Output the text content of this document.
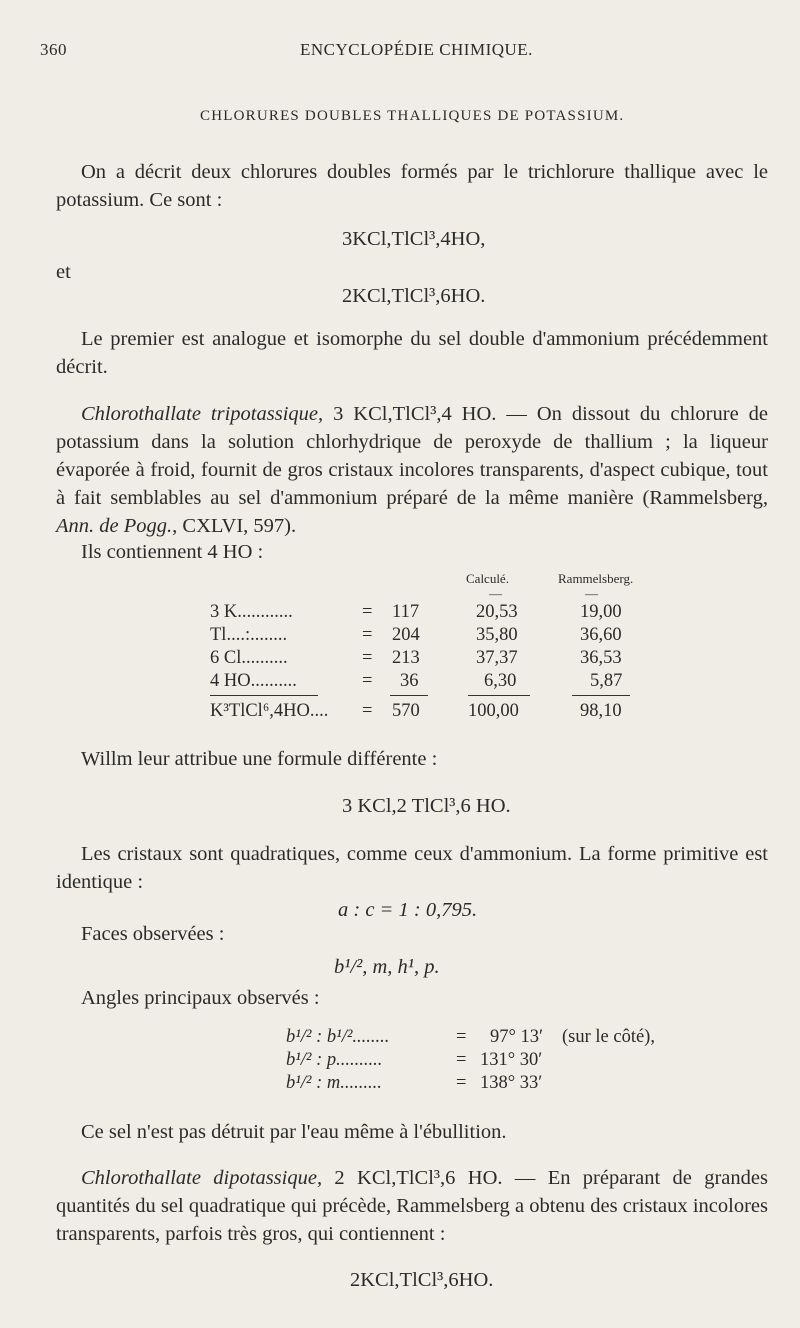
360	ENCYCLOPÉDIE CHIMIQUE.
CHLORURES DOUBLES THALLIQUES DE POTASSIUM.
On a décrit deux chlorures doubles formés par le trichlorure thallique avec le potassium. Ce sont :
3KCl,TlCl³,4HO,
et
2KCl,TlCl³,6HO.
Le premier est analogue et isomorphe du sel double d'ammonium précédemment décrit.
Chlorothallate tripotassique, 3 KCl,TlCl³,4 HO. — On dissout du chlorure de potassium dans la solution chlorhydrique de peroxyde de thallium ; la liqueur évaporée à froid, fournit de gros cristaux incolores transparents, d'aspect cubique, tout à fait semblables au sel d'ammonium préparé de la même manière (Rammelsberg, Ann. de Pogg., CXLVI, 597).
Ils contiennent 4 HO :
Calculé.	Rammelsberg.
—	—
3 K............	= 117	20,53	19,00
Tl....:........	= 204	35,80	36,60
6 Cl..........	= 213	37,37	36,53
4 HO..........	= 36	6,30	5,87
K³TlCl⁶,4HO.... = 570	100,00	98,10
Willm leur attribue une formule différente :
3 KCl,2 TlCl³,6 HO.
Les cristaux sont quadratiques, comme ceux d'ammonium. La forme primitive est identique :
a : c = 1 : 0,795.
Faces observées :
b¹/², m, h¹, p.
Angles principaux observés :
b¹/² : b¹/²........	= 97° 13′ (sur le côté),
b¹/² : p..........	= 131° 30′
b¹/² : m.........	= 138° 33′
Ce sel n'est pas détruit par l'eau même à l'ébullition.
Chlorothallate dipotassique, 2 KCl,TlCl³,6 HO. — En préparant de grandes quantités du sel quadratique qui précède, Rammelsberg a obtenu des cristaux incolores transparents, parfois très gros, qui contiennent :
2KCl,TlCl³,6HO.
